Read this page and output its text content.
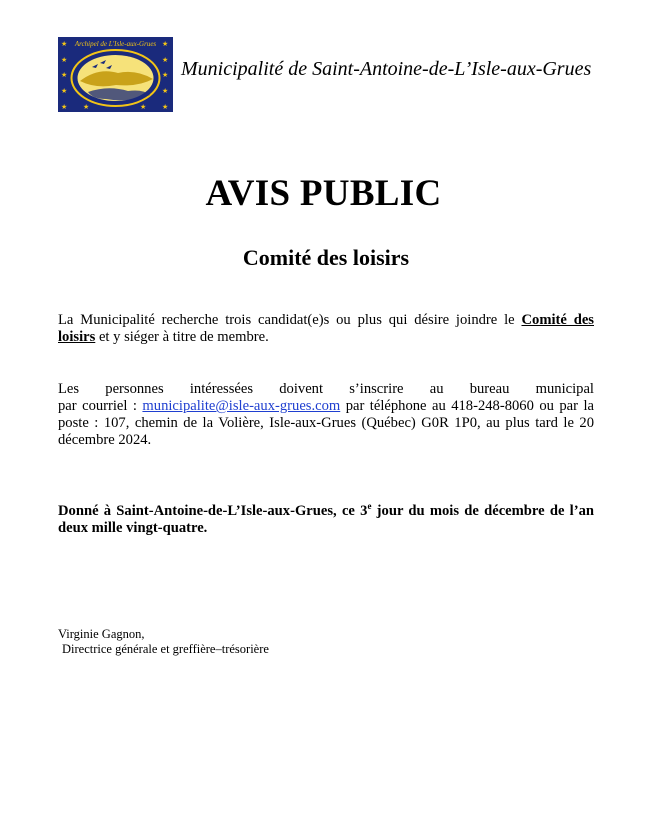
★	★
★	★
★	★
★	★
★	★
★	★
Archipel de L'Isle-aux-Grues
Municipalité de Saint-Antoine-de-L’Isle-aux-Grues
AVIS PUBLIC
Comité des loisirs
La Municipalité recherche trois candidat(e)s ou plus qui désire joindre le Comité des loisirs et y siéger à titre de membre.
Les personnes intéressées doivent s’inscrire au bureau municipal
par courriel : municipalite@isle-aux-grues.com par téléphone au 418-248-8060 ou par la poste : 107, chemin de la Volière, Isle-aux-Grues (Québec) G0R 1P0, au plus tard le 20 décembre 2024.
Donné à Saint-Antoine-de-L’Isle-aux-Grues, ce 3e jour du mois de décembre de l’an deux mille vingt-quatre.
Virginie Gagnon,
Directrice générale et greffière–trésorière
